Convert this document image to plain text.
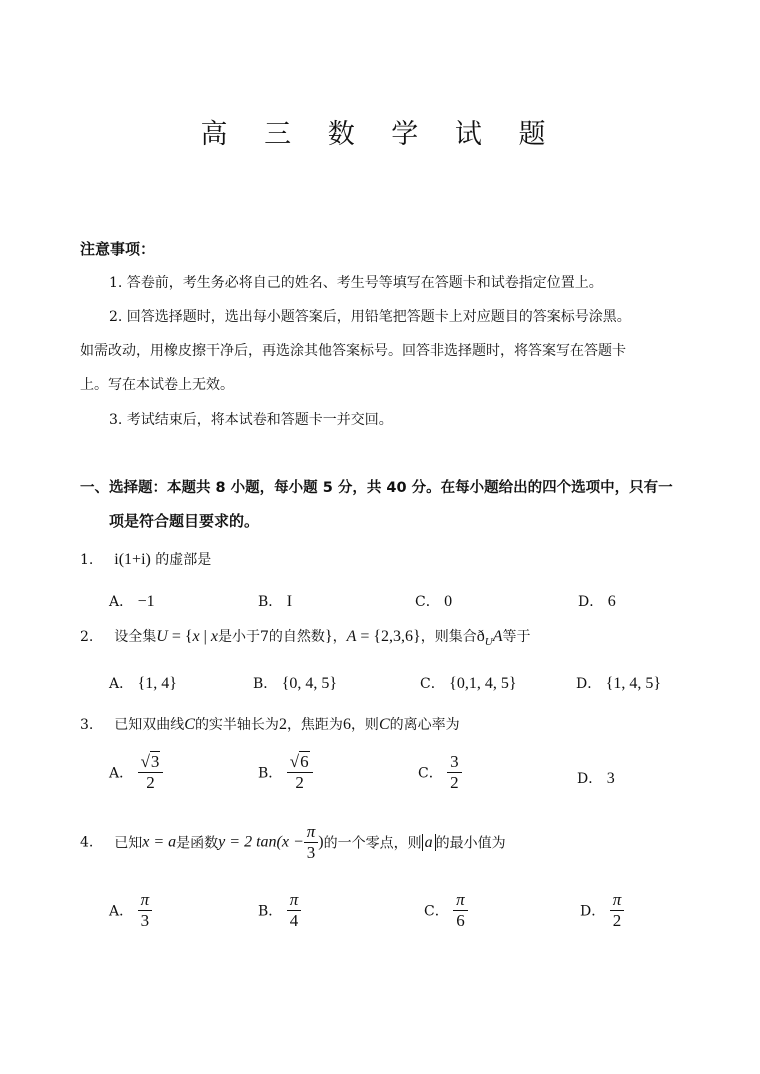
高 三 数 学 试 题
注意事项：
1. 答卷前，考生务必将自己的姓名、考生号等填写在答题卡和试卷指定位置上。
2. 回答选择题时，选出每小题答案后，用铅笔把答题卡上对应题目的答案标号涂黑。
如需改动，用橡皮擦干净后，再选涂其他答案标号。回答非选择题时，将答案写在答题卡
上。写在本试卷上无效。
3. 考试结束后，将本试卷和答题卡一并交回。
一、选择题：本题共 8 小题，每小题 5 分，共 40 分。在每小题给出的四个选项中，只有一
项是符合题目要求的。
1. i(1+i) 的虚部是
A． −1	B． I	C． 0	D． 6
2. 设全集U = {x | x是小于7的自然数}，A = {2,3,6}，则集合$ð_UA$等于
A． {1, 4}	B． {0, 4, 5}	C． {0,1, 4, 5}	D． {1, 4, 5}
3. 已知双曲线C的实半轴长为2，焦距为6，则C的离心率为
A． $\frac{√3}{2}$	B． $\frac{√6}{2}$	C． $\frac{3}{2}$	D． 3
4. 已知x = a是函数y = 2 $\tan(x - \frac{\pi}{3}$ )的一个零点，则 a 的最小值为
A． $\frac{\pi}{3}$	B． $\frac{\pi}{4}$	C． $\frac{\pi}{6}$	D． $\frac{\pi}{2}$
